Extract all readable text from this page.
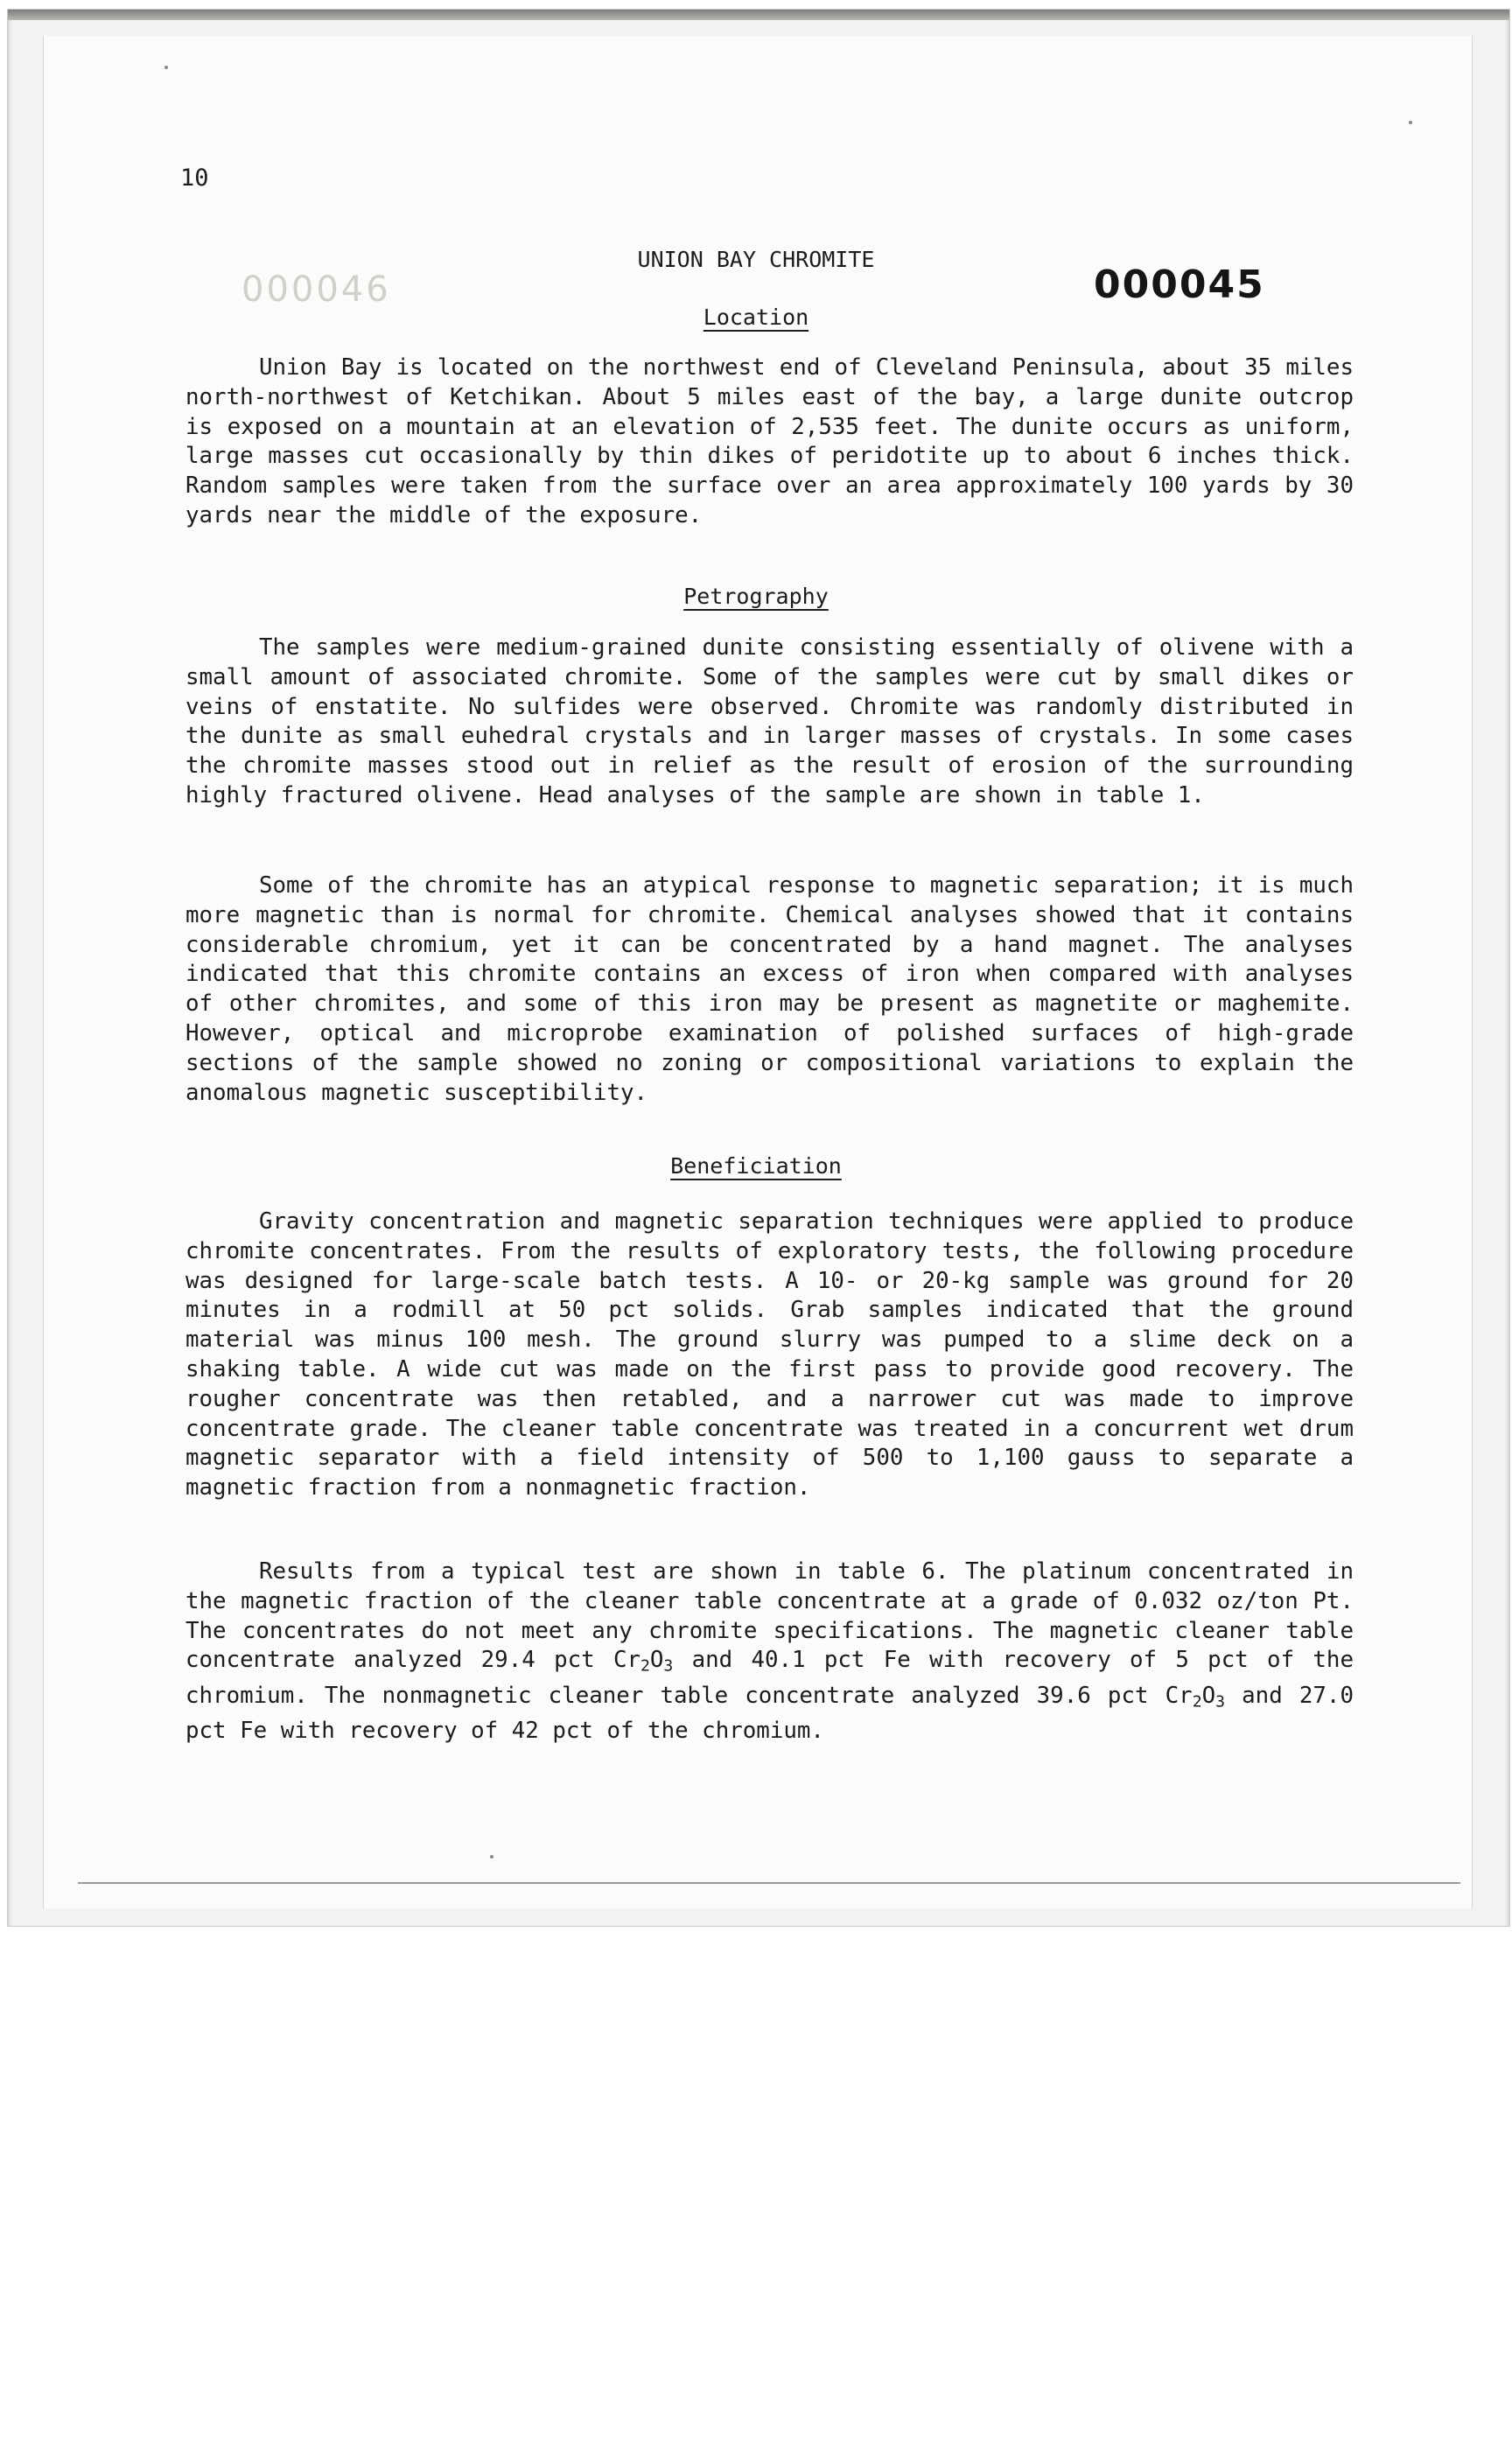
10
UNION BAY CHROMITE
000046	000045
Location

Union Bay is located on the northwest end of Cleveland Peninsula, about 35 miles north-northwest of Ketchikan. About 5 miles east of the bay, a large dunite outcrop is exposed on a mountain at an elevation of 2,535 feet. The dunite occurs as uniform, large masses cut occasionally by thin dikes of peridotite up to about 6 inches thick. Random samples were taken from the surface over an area approximately 100 yards by 30 yards near the middle of the exposure.

Petrography

The samples were medium-grained dunite consisting essentially of olivene with a small amount of associated chromite. Some of the samples were cut by small dikes or veins of enstatite. No sulfides were observed. Chromite was randomly distributed in the dunite as small euhedral crystals and in larger masses of crystals. In some cases the chromite masses stood out in relief as the result of erosion of the surrounding highly fractured olivene. Head analyses of the sample are shown in table 1.

Some of the chromite has an atypical response to magnetic separation; it is much more magnetic than is normal for chromite. Chemical analyses showed that it contains considerable chromium, yet it can be concentrated by a hand magnet. The analyses indicated that this chromite contains an excess of iron when compared with analyses of other chromites, and some of this iron may be present as magnetite or maghemite. However, optical and microprobe examination of polished surfaces of high-grade sections of the sample showed no zoning or compositional variations to explain the anomalous magnetic susceptibility.

Beneficiation

Gravity concentration and magnetic separation techniques were applied to produce chromite concentrates. From the results of exploratory tests, the following procedure was designed for large-scale batch tests. A 10- or 20-kg sample was ground for 20 minutes in a rodmill at 50 pct solids. Grab samples indicated that the ground material was minus 100 mesh. The ground slurry was pumped to a slime deck on a shaking table. A wide cut was made on the first pass to provide good recovery. The rougher concentrate was then retabled, and a narrower cut was made to improve concentrate grade. The cleaner table concentrate was treated in a concurrent wet drum magnetic separator with a field intensity of 500 to 1,100 gauss to separate a magnetic fraction from a nonmagnetic fraction.

Results from a typical test are shown in table 6. The platinum concentrated in the magnetic fraction of the cleaner table concentrate at a grade of 0.032 oz/ton Pt. The concentrates do not meet any chromite specifications. The magnetic cleaner table concentrate analyzed 29.4 pct $Cr_2O_3$ and 40.1 pct Fe with recovery of 5 pct of the chromium. The nonmagnetic cleaner table concentrate analyzed 39.6 pct $Cr_2O_3$ and 27.0 pct Fe with recovery of 42 pct of the chromium.
